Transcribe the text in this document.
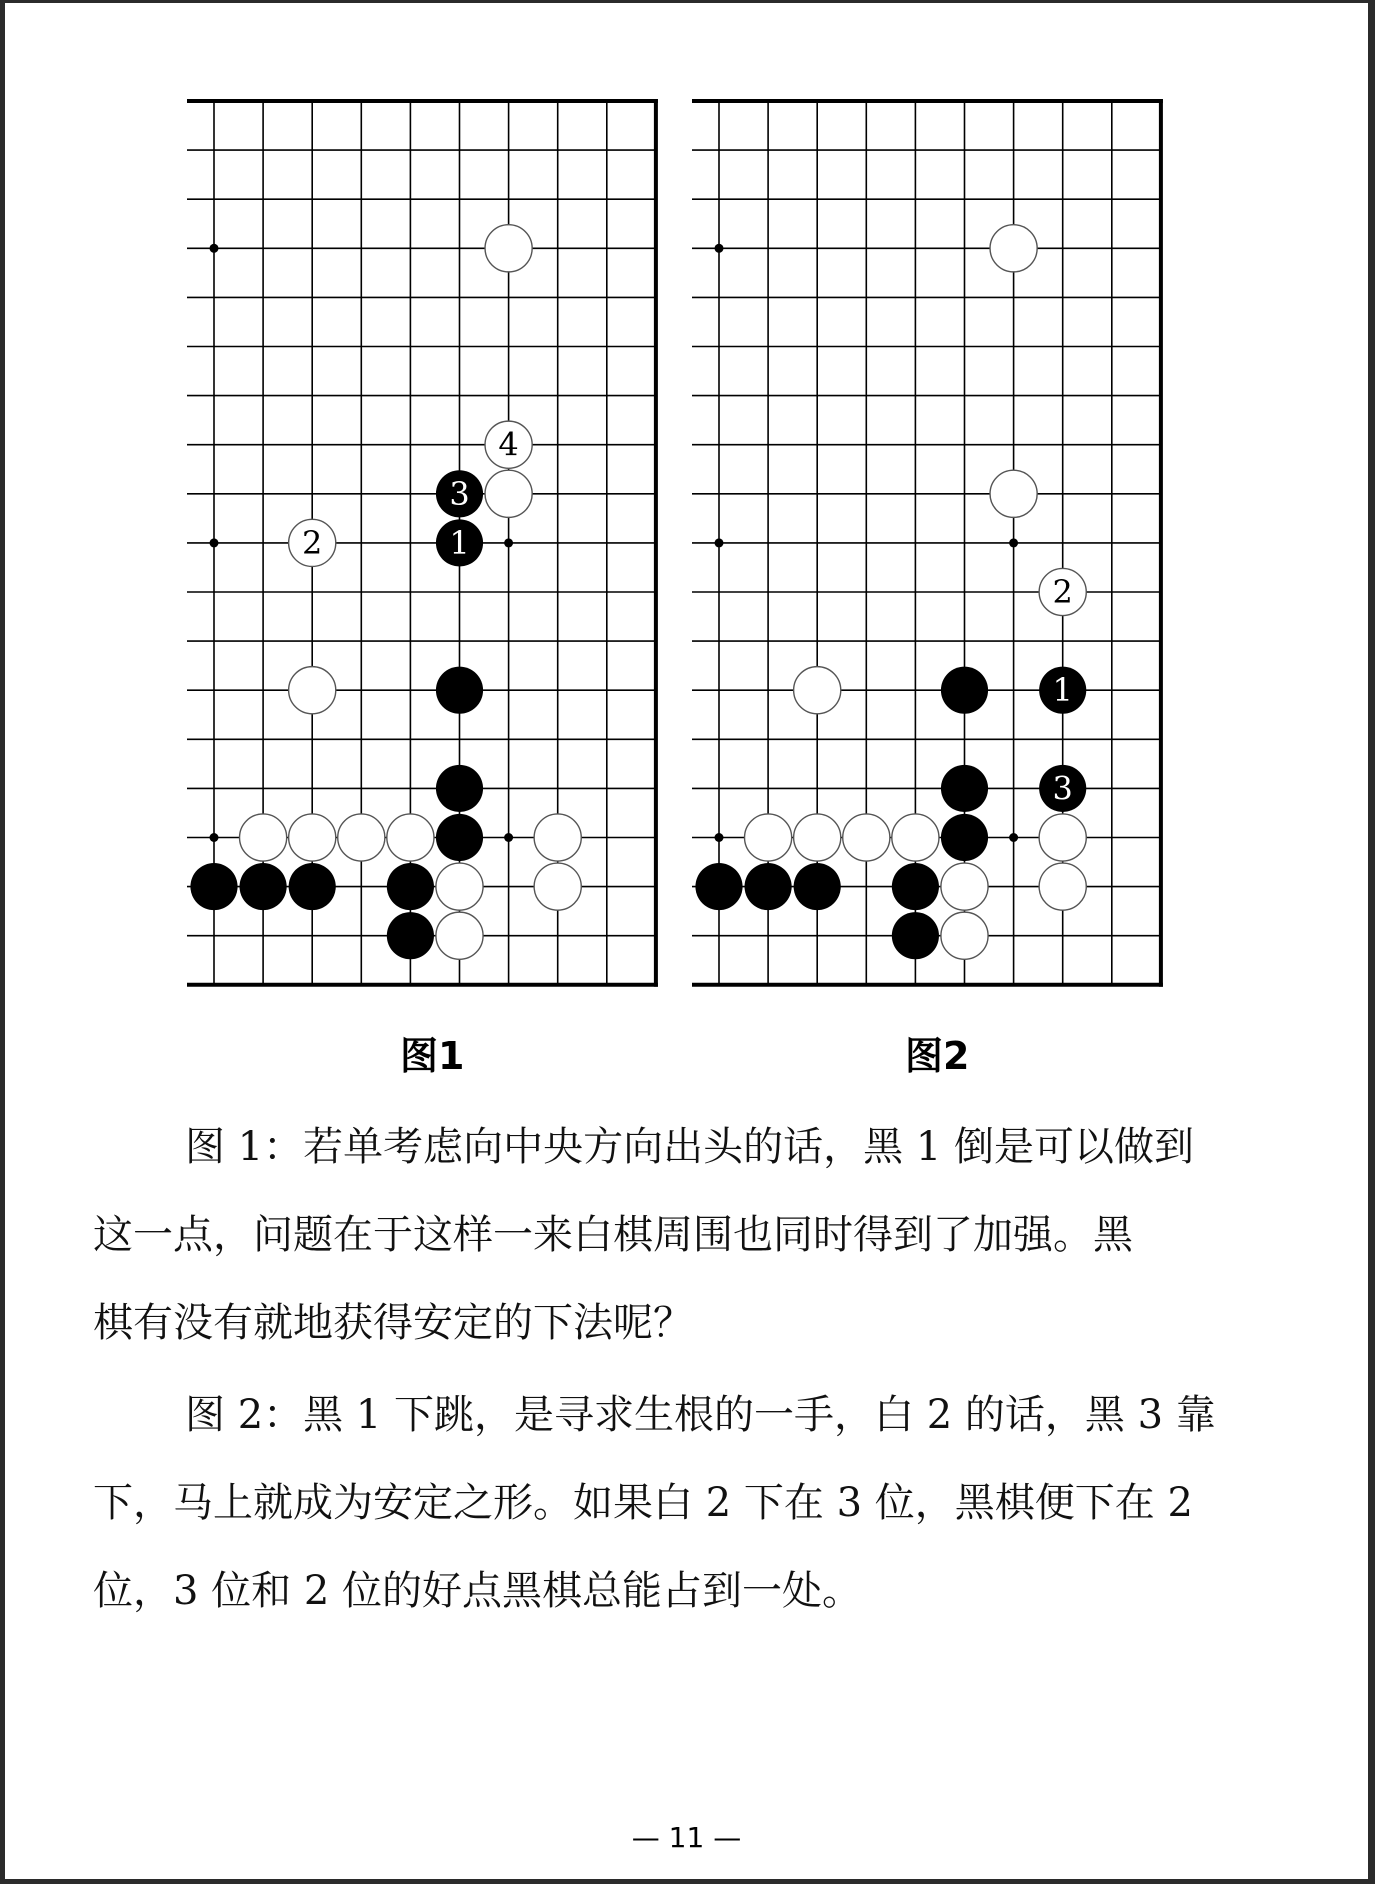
4
3
2	1
2
1
3
图1	图2
图 1：若单考虑向中央方向出头的话，黑 1 倒是可以做到
这一点，问题在于这样一来白棋周围也同时得到了加强。黑
棋有没有就地获得安定的下法呢？
图 2：黑 1 下跳，是寻求生根的一手，白 2 的话，黑 3 靠
下，马上就成为安定之形。如果白 2 下在 3 位，黑棋便下在 2
位，3 位和 2 位的好点黑棋总能占到一处。
— 11 —
